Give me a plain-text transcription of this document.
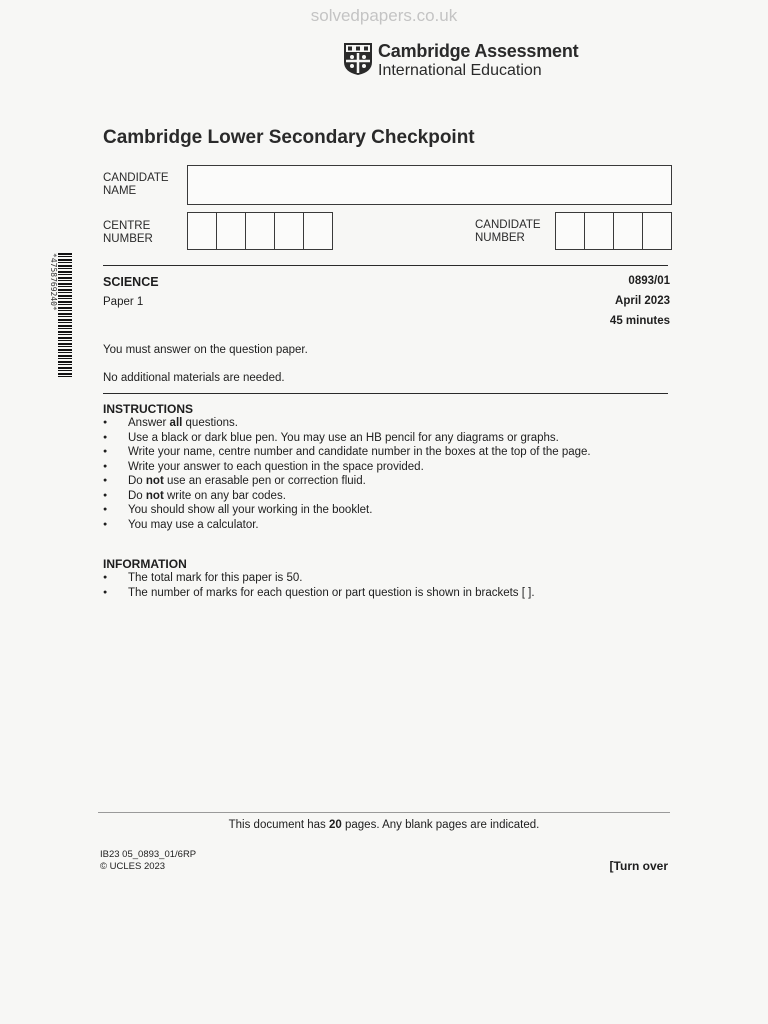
solvedpapers.co.uk
Cambridge Assessment
International Education
Cambridge Lower Secondary Checkpoint
CANDIDATE
NAME
CENTRE
NUMBER
CANDIDATE
NUMBER
*4758769240*	SCIENCE
Paper 1
0893/01
April 2023
45 minutes
You must answer on the question paper.
No additional materials are needed.
INSTRUCTIONS
● Answer all questions.
● Use a black or dark blue pen. You may use an HB pencil for any diagrams or graphs.
● Write your name, centre number and candidate number in the boxes at the top of the page.
● Write your answer to each question in the space provided.
● Do not use an erasable pen or correction fluid.
● Do not write on any bar codes.
● You should show all your working in the booklet.
● You may use a calculator.
INFORMATION
● The total mark for this paper is 50.
● The number of marks for each question or part question is shown in brackets [ ].
This document has 20 pages. Any blank pages are indicated.
IB23 05_0893_01/6RP
© UCLES 2023	[Turn over
